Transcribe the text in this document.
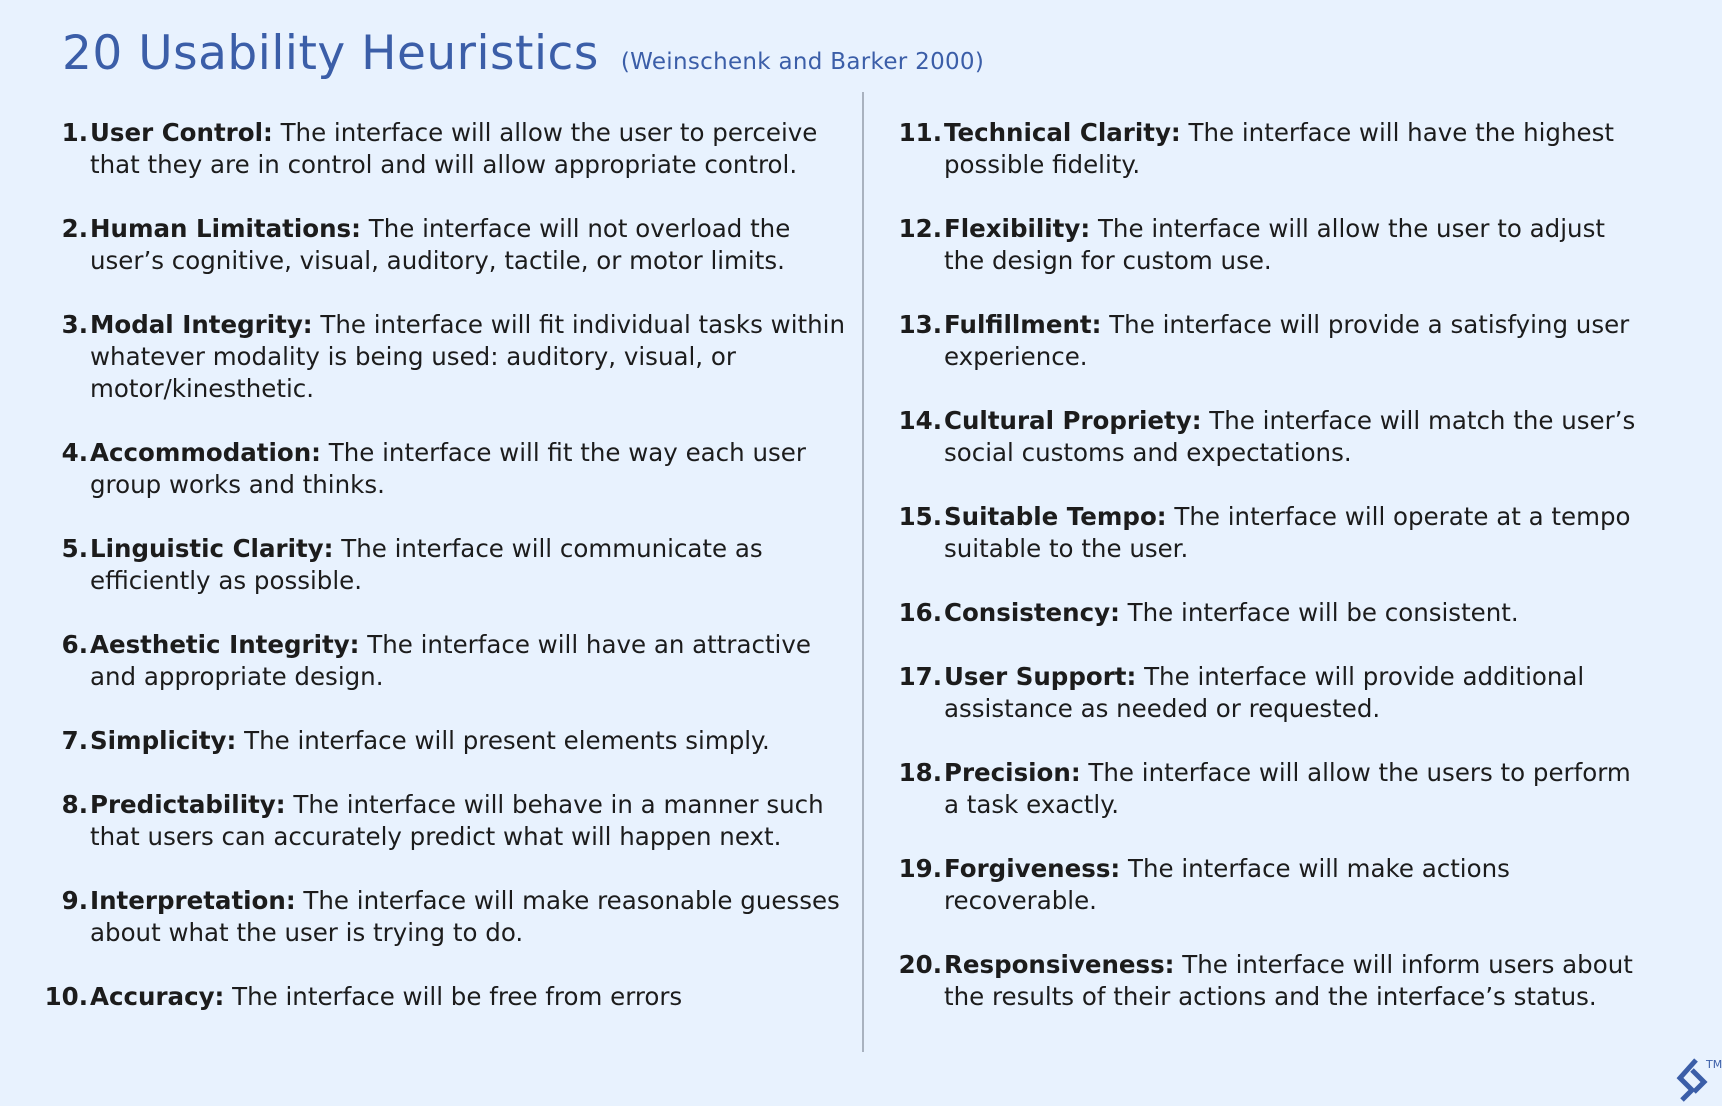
20 Usability Heuristics (Weinschenk and Barker 2000)
1. User Control: The interface will allow the user to perceive that they are in control and will allow appropriate control.
2. Human Limitations: The interface will not overload the user’s cognitive, visual, auditory, tactile, or motor limits.
3. Modal Integrity: The interface will fit individual tasks within whatever modality is being used: auditory, visual, or motor/kinesthetic.
4. Accommodation: The interface will fit the way each user group works and thinks.
5. Linguistic Clarity: The interface will communicate as efficiently as possible.
6. Aesthetic Integrity: The interface will have an attractive and appropriate design.
7. Simplicity: The interface will present elements simply.
8. Predictability: The interface will behave in a manner such that users can accurately predict what will happen next.
9. Interpretation: The interface will make reasonable guesses about what the user is trying to do.
10. Accuracy: The interface will be free from errors
11. Technical Clarity: The interface will have the highest possible fidelity.
12. Flexibility: The interface will allow the user to adjust the design for custom use.
13. Fulfillment: The interface will provide a satisfying user experience.
14. Cultural Propriety: The interface will match the user’s social customs and expectations.
15. Suitable Tempo: The interface will operate at a tempo suitable to the user.
16. Consistency: The interface will be consistent.
17. User Support: The interface will provide additional assistance as needed or requested.
18. Precision: The interface will allow the users to perform a task exactly.
19. Forgiveness: The interface will make actions recoverable.
20. Responsiveness: The interface will inform users about the results of their actions and the interface’s status.
TM
